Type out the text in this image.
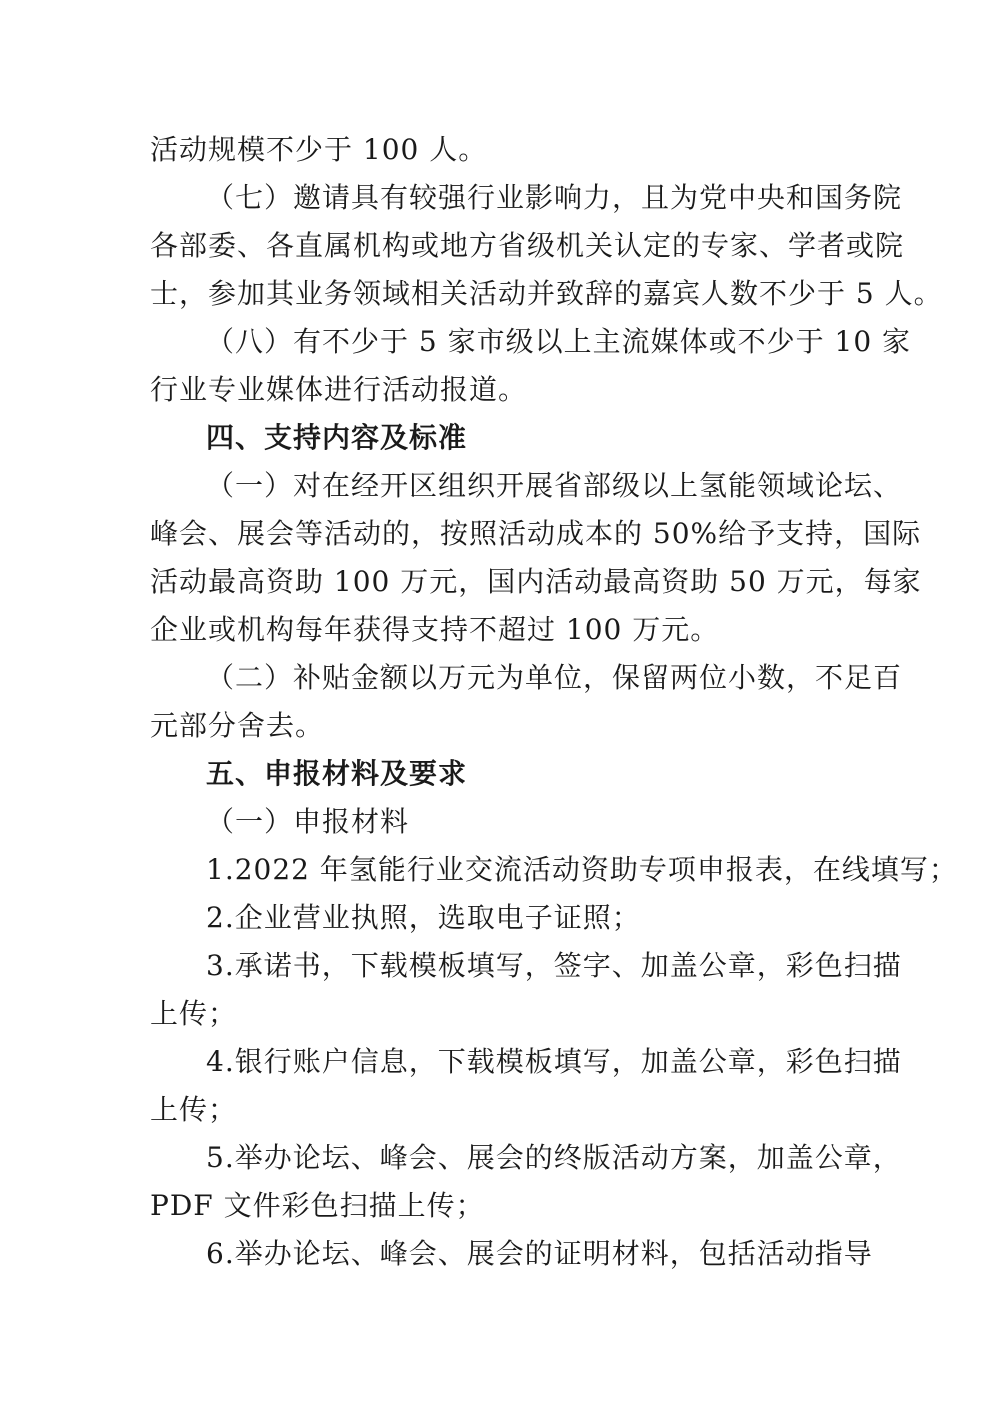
活动规模不少于 100 人。
（七）邀请具有较强行业影响力，且为党中央和国务院
各部委、各直属机构或地方省级机关认定的专家、学者或院
士，参加其业务领域相关活动并致辞的嘉宾人数不少于 5 人。
（八）有不少于 5 家市级以上主流媒体或不少于 10 家
行业专业媒体进行活动报道。
四、支持内容及标准
（一）对在经开区组织开展省部级以上氢能领域论坛、
峰会、展会等活动的，按照活动成本的 50%给予支持，国际
活动最高资助 100 万元，国内活动最高资助 50 万元，每家
企业或机构每年获得支持不超过 100 万元。
（二）补贴金额以万元为单位，保留两位小数，不足百
元部分舍去。
五、申报材料及要求
（一）申报材料
1.2022 年氢能行业交流活动资助专项申报表，在线填写；
2.企业营业执照，选取电子证照；
3.承诺书，下载模板填写，签字、加盖公章，彩色扫描
上传；
4.银行账户信息，下载模板填写，加盖公章，彩色扫描
上传；
5.举办论坛、峰会、展会的终版活动方案，加盖公章，
PDF 文件彩色扫描上传；
6.举办论坛、峰会、展会的证明材料，包括活动指导
